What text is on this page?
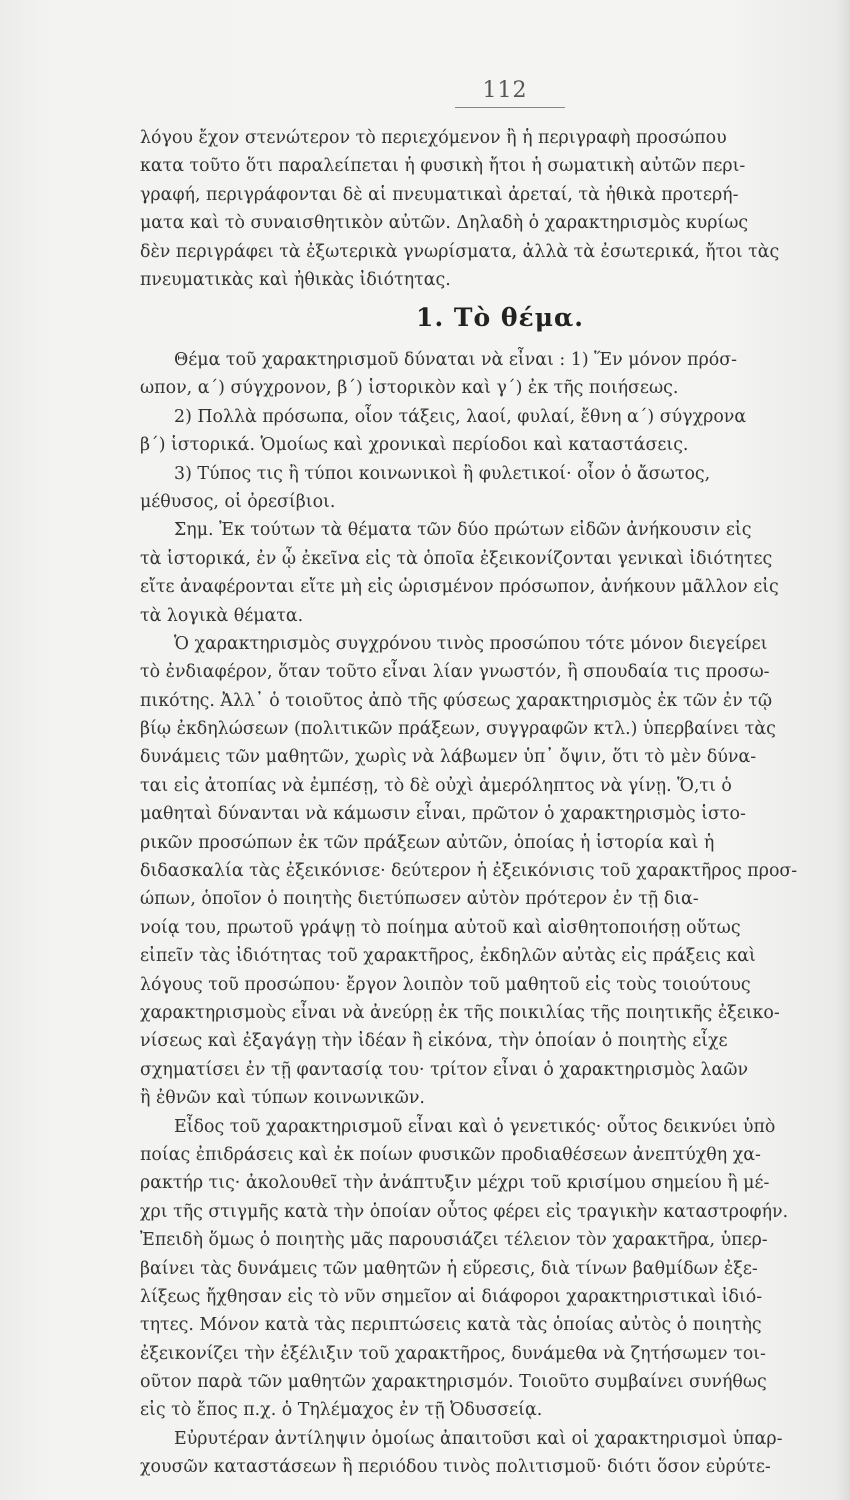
112
λόγου ἔχον στενώτερον τὸ περιεχόμενον ἢ ἡ περιγραφὴ προσώπου
κατα τοῦτο ὅτι παραλείπεται ἡ φυσικὴ ἤτοι ἡ σωματικὴ αὐτῶν περι-
γραφή, περιγράφονται δὲ αἱ πνευματικαὶ ἀρεταί, τὰ ἠθικὰ προτερή-
ματα καὶ τὸ συναισθητικὸν αὐτῶν. Δηλαδὴ ὁ χαρακτηρισμὸς κυρίως
δὲν περιγράφει τὰ ἐξωτερικὰ γνωρίσματα, ἀλλὰ τὰ ἐσωτερικά, ἤτοι τὰς
πνευματικὰς καὶ ἠθικὰς ἰδιότητας.
1. Τὸ θέμα.
Θέμα τοῦ χαρακτηρισμοῦ δύναται νὰ εἶναι : 1) Ἕν μόνον πρόσ-
ωπον, α΄) σύγχρονον, β΄) ἱστορικὸν καὶ γ΄) ἐκ τῆς ποιήσεως.
2) Πολλὰ πρόσωπα, οἷον τάξεις, λαοί, φυλαί, ἔθνη α΄) σύγχρονα
β΄) ἱστορικά. Ὁμοίως καὶ χρονικαὶ περίοδοι καὶ καταστάσεις.
3) Τύπος τις ἢ τύποι κοινωνικοὶ ἢ φυλετικοί· οἷον ὁ ἄσωτος,
μέθυσος, οἱ ὀρεσίβιοι.
Σημ. Ἐκ τούτων τὰ θέματα τῶν δύο πρώτων εἰδῶν ἀνήκουσιν εἰς
τὰ ἱστορικά, ἐν ᾧ ἐκεῖνα εἰς τὰ ὁποῖα ἐξεικονίζονται γενικαὶ ἰδιότητες
εἴτε ἀναφέρονται εἴτε μὴ εἰς ὡρισμένον πρόσωπον, ἀνήκουν μᾶλλον εἰς
τὰ λογικὰ θέματα.
Ὁ χαρακτηρισμὸς συγχρόνου τινὸς προσώπου τότε μόνον διεγείρει
τὸ ἐνδιαφέρον, ὅταν τοῦτο εἶναι λίαν γνωστόν, ἢ σπουδαία τις προσω-
πικότης. Ἀλλ᾽ ὁ τοιοῦτος ἀπὸ τῆς φύσεως χαρακτηρισμὸς ἐκ τῶν ἐν τῷ
βίῳ ἐκδηλώσεων (πολιτικῶν πράξεων, συγγραφῶν κτλ.) ὑπερβαίνει τὰς
δυνάμεις τῶν μαθητῶν, χωρὶς νὰ λάβωμεν ὑπ᾽ ὄψιν, ὅτι τὸ μὲν δύνα-
ται εἰς ἀτοπίας νὰ ἐμπέσῃ, τὸ δὲ οὐχὶ ἀμερόληπτος νὰ γίνῃ. Ὅ,τι ὁ
μαθηταὶ δύνανται νὰ κάμωσιν εἶναι, πρῶτον ὁ χαρακτηρισμὸς ἱστο-
ρικῶν προσώπων ἐκ τῶν πράξεων αὐτῶν, ὁποίας ἡ ἱστορία καὶ ἡ
διδασκαλία τὰς ἐξεικόνισε· δεύτερον ἡ ἐξεικόνισις τοῦ χαρακτῆρος προσ-
ώπων, ὁποῖον ὁ ποιητὴς διετύπωσεν αὐτὸν πρότερον ἐν τῇ δια-
νοίᾳ του, πρωτοῦ γράψῃ τὸ ποίημα αὐτοῦ καὶ αἰσθητοποιήσῃ οὕτως
εἰπεῖν τὰς ἰδιότητας τοῦ χαρακτῆρος, ἐκδηλῶν αὐτὰς εἰς πράξεις καὶ
λόγους τοῦ προσώπου· ἔργον λοιπὸν τοῦ μαθητοῦ εἰς τοὺς τοιούτους
χαρακτηρισμοὺς εἶναι νὰ ἀνεύρῃ ἐκ τῆς ποικιλίας τῆς ποιητικῆς ἐξεικο-
νίσεως καὶ ἐξαγάγῃ τὴν ἰδέαν ἢ εἰκόνα, τὴν ὁποίαν ὁ ποιητὴς εἶχε
σχηματίσει ἐν τῇ φαντασίᾳ του· τρίτον εἶναι ὁ χαρακτηρισμὸς λαῶν
ἢ ἐθνῶν καὶ τύπων κοινωνικῶν.
Εἶδος τοῦ χαρακτηρισμοῦ εἶναι καὶ ὁ γενετικός· οὗτος δεικνύει ὑπὸ
ποίας ἐπιδράσεις καὶ ἐκ ποίων φυσικῶν προδιαθέσεων ἀνεπτύχθη χα-
ρακτήρ τις· ἀκολουθεῖ τὴν ἀνάπτυξιν μέχρι τοῦ κρισίμου σημείου ἢ μέ-
χρι τῆς στιγμῆς κατὰ τὴν ὁποίαν οὗτος φέρει εἰς τραγικὴν καταστροφήν.
Ἐπειδὴ ὅμως ὁ ποιητὴς μᾶς παρουσιάζει τέλειον τὸν χαρακτῆρα, ὑπερ-
βαίνει τὰς δυνάμεις τῶν μαθητῶν ἡ εὕρεσις, διὰ τίνων βαθμίδων ἐξε-
λίξεως ἤχθησαν εἰς τὸ νῦν σημεῖον αἱ διάφοροι χαρακτηριστικαὶ ἰδιό-
τητες. Μόνον κατὰ τὰς περιπτώσεις κατὰ τὰς ὁποίας αὐτὸς ὁ ποιητὴς
ἐξεικονίζει τὴν ἐξέλιξιν τοῦ χαρακτῆρος, δυνάμεθα νὰ ζητήσωμεν τοι-
οῦτον παρὰ τῶν μαθητῶν χαρακτηρισμόν. Τοιοῦτο συμβαίνει συνήθως
εἰς τὸ ἔπος π.χ. ὁ Τηλέμαχος ἐν τῇ Ὀδυσσείᾳ.
Εὐρυτέραν ἀντίληψιν ὁμοίως ἀπαιτοῦσι καὶ οἱ χαρακτηρισμοὶ ὑπαρ-
χουσῶν καταστάσεων ἢ περιόδου τινὸς πολιτισμοῦ· διότι ὅσον εὐρύτε-
